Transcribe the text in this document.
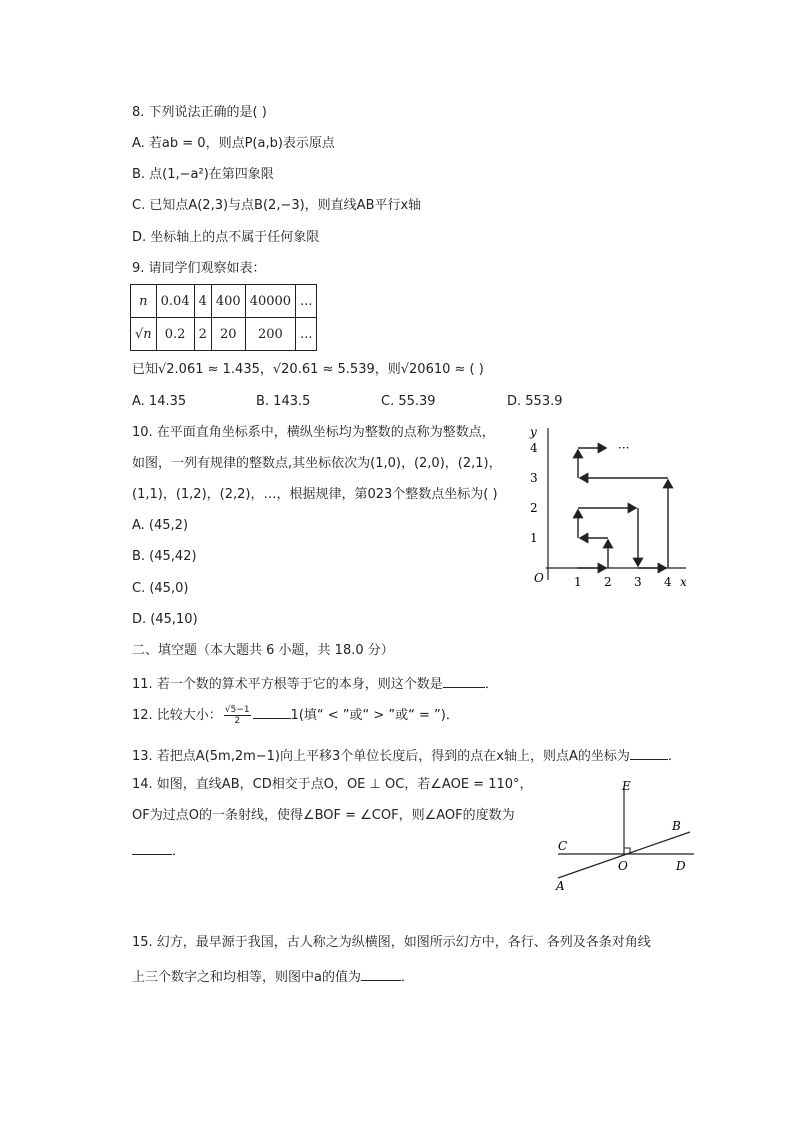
8. 下列说法正确的是( )
A. 若ab = 0，则点P(a,b)表示原点
B. 点(1,−a²)在第四象限
C. 已知点A(2,3)与点B(2,−3)，则直线AB平行x轴
D. 坐标轴上的点不属于任何象限
9. 请同学们观察如表：
n	0.04	4	400	40000	...
√n	0.2	2	20	200	...
已知√2.061 ≈ 1.435，√20.61 ≈ 5.539，则√20610 ≈ ( )
A. 14.35	B. 143.5	C. 55.39	D. 553.9
10. 在平面直角坐标系中，横纵坐标均为整数的点称为整数点，
如图，一列有规律的整数点,其坐标依次为(1,0)，(2,0)，(2,1)，
(1,1)，(1,2)，(2,2)，…，根据规律，第023个整数点坐标为( )
A. (45,2)
B. (45,42)
C. (45,0)
D. (45,10)
y
x
O	1 2 3 4
1
2
3
4	···
二、填空题（本大题共 6 小题，共 18.0 分）
11. 若一个数的算术平方根等于它的本身，则这个数是	．
12. 比较大小： $\frac{√5-1}{2}$	1(填“ < ”或“ > ”或“ = ”)．
13. 若把点A(5m,2m−1)向上平移3个单位长度后，得到的点在x轴上，则点A的坐标为	．
14. 如图，直线AB，CD相交于点O，OE ⊥ OC，若∠AOE = 110°，
OF为过点O的一条射线，使得∠BOF = ∠COF，则∠AOF的度数为
．
E
B
C
O	D
A
15. 幻方，最早源于我国，古人称之为纵横图，如图所示幻方中，各行、各列及各条对角线
上三个数字之和均相等，则图中a的值为	．
